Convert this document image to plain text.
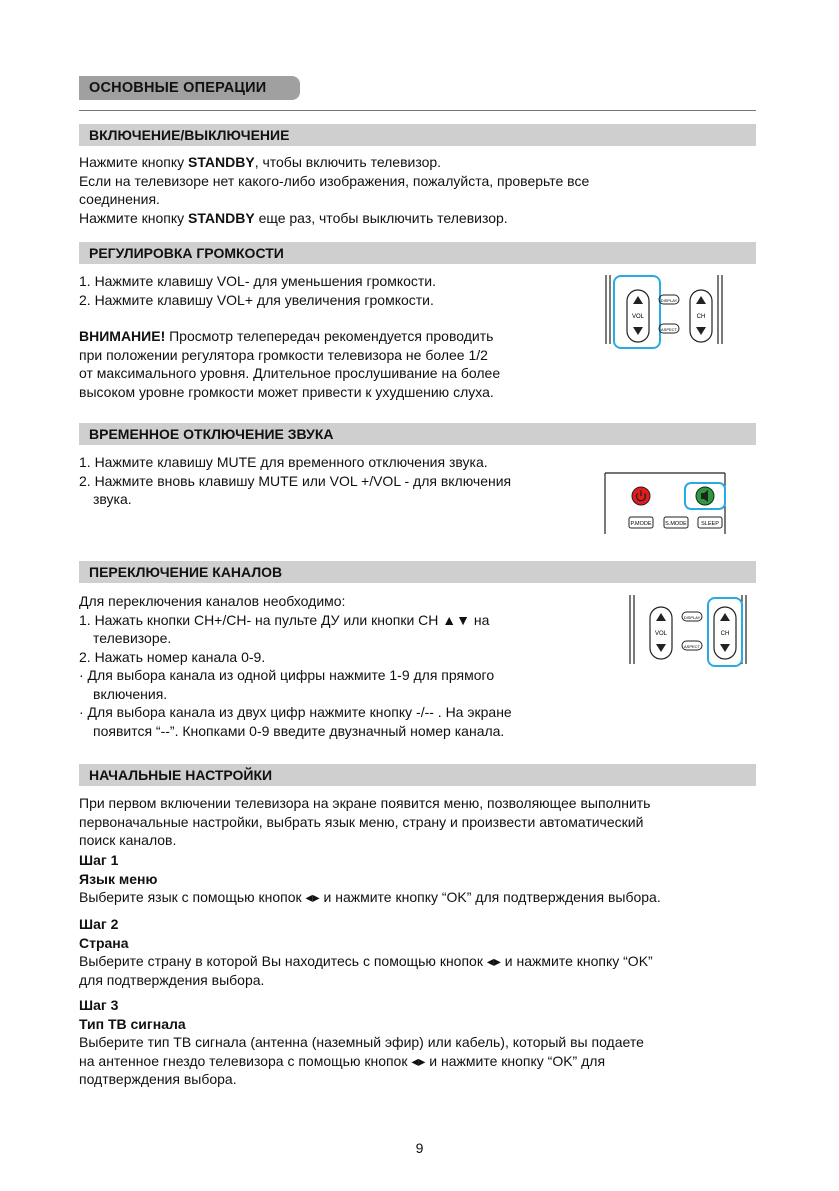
ОСНОВНЫЕ ОПЕРАЦИИ
ВКЛЮЧЕНИЕ/ВЫКЛЮЧЕНИЕ

Нажмите кнопку STANDBY, чтобы включить телевизор.

Если на телевизоре нет какого-либо изображения, пожалуйста, проверьте все

соединения.

Нажмите кнопку STANDBY еще раз, чтобы выключить телевизор.

РЕГУЛИРОВКА ГРОМКОСТИ

1. Нажмите клавишу VOL- для уменьшения громкости.

2. Нажмите клавишу VOL+ для увеличения громкости.

ВНИМАНИЕ! Просмотр телепередач рекомендуется проводить

при положении регулятора громкости телевизора не более 1/2

от максимального уровня. Длительное прослушивание на более

высоком уровне громкости может привести к ухудшению слуха.

VOL
DISPLAY
ASPECT
CH
ВРЕМЕННОЕ ОТКЛЮЧЕНИЕ ЗВУКА

1. Нажмите клавишу MUTE для временного отключения звука.

2. Нажмите вновь клавишу MUTE или VOL +/VOL - для включения

звука.

P.MODE S.MODE	SLEEP
ПЕРЕКЛЮЧЕНИЕ КАНАЛОВ

Для переключения каналов необходимо:

1. Нажать кнопки CH+/CH- на пульте ДУ или кнопки CH ▲▼ на

телевизоре.

2. Нажать номер канала 0-9.

· Для выбора канала из одной цифры нажмите 1-9 для прямого

включения.

· Для выбора канала из двух цифр нажмите кнопку -/-- . На экране

появится “--”. Кнопками 0-9 введите двузначный номер канала.

VOL
DISPLAY
ASPECT
CH
НАЧАЛЬНЫЕ НАСТРОЙКИ

При первом включении телевизора на экране появится меню, позволяющее выполнить

первоначальные настройки, выбрать язык меню, страну и произвести автоматический

поиск каналов.

Шаг 1

Язык меню

Выберите язык с помощью кнопок ◂▸ и нажмите кнопку “OK” для подтверждения выбора.

Шаг 2

Страна

Выберите страну в которой Вы находитесь с помощью кнопок ◂▸ и нажмите кнопку “OK”

для подтверждения выбора.

Шаг 3

Тип ТВ сигнала

Выберите тип ТВ сигнала (антенна (наземный эфир) или кабель), который вы подаете

на антенное гнездо телевизора с помощью кнопок ◂▸ и нажмите кнопку “OK” для

подтверждения выбора.

9
